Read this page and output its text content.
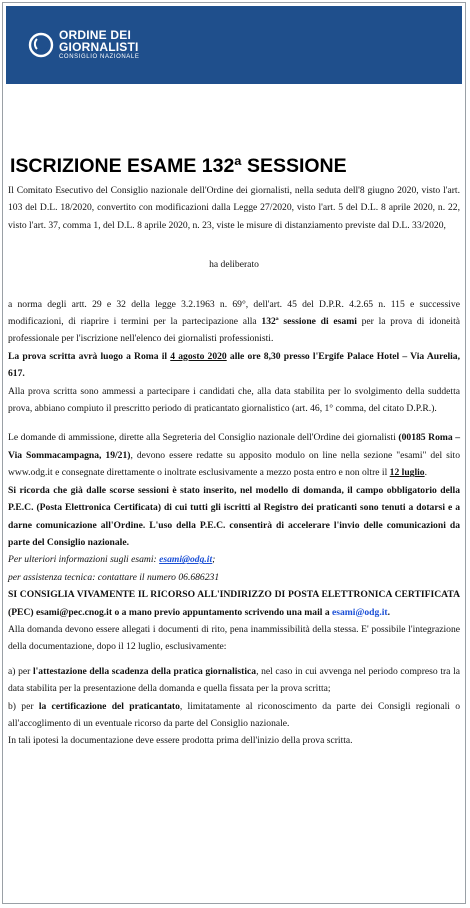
ORDINE DEI
GIORNALISTI
CONSIGLIO NAZIONALE
ISCRIZIONE ESAME 132ª SESSIONE

Il Comitato Esecutivo del Consiglio nazionale dell'Ordine dei giornalisti, nella seduta dell'8 giugno 2020, visto l'art. 103 del D.L. 18/2020, convertito con modificazioni dalla Legge 27/2020, visto l'art. 5 del D.L. 8 aprile 2020, n. 22, visto l'art. 37, comma 1, del D.L. 8 aprile 2020, n. 23, viste le misure di distanziamento previste dal D.L. 33/2020,

ha deliberato

a norma degli artt. 29 e 32 della legge 3.2.1963 n. 69°, dell'art. 45 del D.P.R. 4.2.65 n. 115 e successive modificazioni, di riaprire i termini per la partecipazione alla 132ª sessione di esami per la prova di idoneità professionale per l'iscrizione nell'elenco dei giornalisti professionisti.

La prova scritta avrà luogo a Roma il 4 agosto 2020 alle ore 8,30 presso l'Ergife Palace Hotel – Via Aurelia, 617.

Alla prova scritta sono ammessi a partecipare i candidati che, alla data stabilita per lo svolgimento della suddetta prova, abbiano compiuto il prescritto periodo di praticantato giornalistico (art. 46, 1° comma, del citato D.P.R.).

Le domande di ammissione, dirette alla Segreteria del Consiglio nazionale dell'Ordine dei giornalisti (00185 Roma – Via Sommacampagna, 19/21), devono essere redatte su apposito modulo on line nella sezione "esami" del sito www.odg.it e consegnate direttamente o inoltrate esclusivamente a mezzo posta entro e non oltre il 12 luglio.

Si ricorda che già dalle scorse sessioni è stato inserito, nel modello di domanda, il campo obbligatorio della P.E.C. (Posta Elettronica Certificata) di cui tutti gli iscritti al Registro dei praticanti sono tenuti a dotarsi e a darne comunicazione all'Ordine. L'uso della P.E.C. consentirà di accelerare l'invio delle comunicazioni da parte del Consiglio nazionale.

Per ulteriori informazioni sugli esami: esami@odg.it;

per assistenza tecnica: contattare il numero 06.686231

SI CONSIGLIA VIVAMENTE IL RICORSO ALL'INDIRIZZO DI POSTA ELETTRONICA CERTIFICATA (PEC) esami@pec.cnog.it o a mano previo appuntamento scrivendo una mail a esami@odg.it.

Alla domanda devono essere allegati i documenti di rito, pena inammissibilità della stessa. E' possibile l'integrazione della documentazione, dopo il 12 luglio, esclusivamente:

a) per l'attestazione della scadenza della pratica giornalistica, nel caso in cui avvenga nel periodo compreso tra la data stabilita per la presentazione della domanda e quella fissata per la prova scritta;

b) per la certificazione del praticantato, limitatamente al riconoscimento da parte dei Consigli regionali o all'accoglimento di un eventuale ricorso da parte del Consiglio nazionale.

In tali ipotesi la documentazione deve essere prodotta prima dell'inizio della prova scritta.
